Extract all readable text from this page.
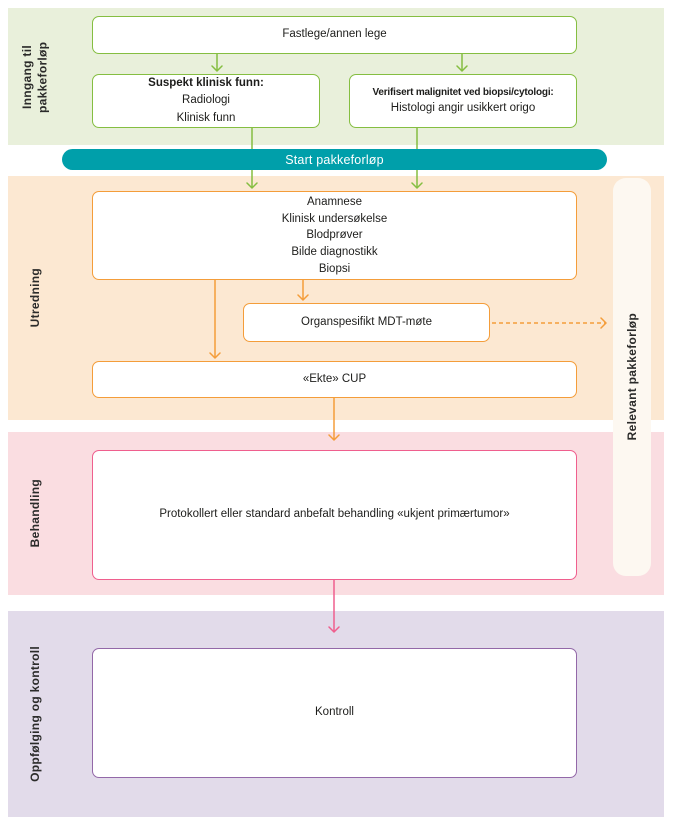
Inngang til pakkeforløp
Utredning
Behandling
Oppfølging og kontroll
Relevant pakkeforløp
Start pakkeforløp
Fastlege/annen lege
Suspekt klinisk funn:
Radiologi
Klinisk funn
Verifisert malignitet ved biopsi/cytologi:
Histologi angir usikkert origo
Anamnese
Klinisk undersøkelse
Blodprøver
Bilde diagnostikk
Biopsi
Organspesifikt MDT-møte
«Ekte» CUP
Protokollert eller standard anbefalt behandling «ukjent primærtumor»
Kontroll
